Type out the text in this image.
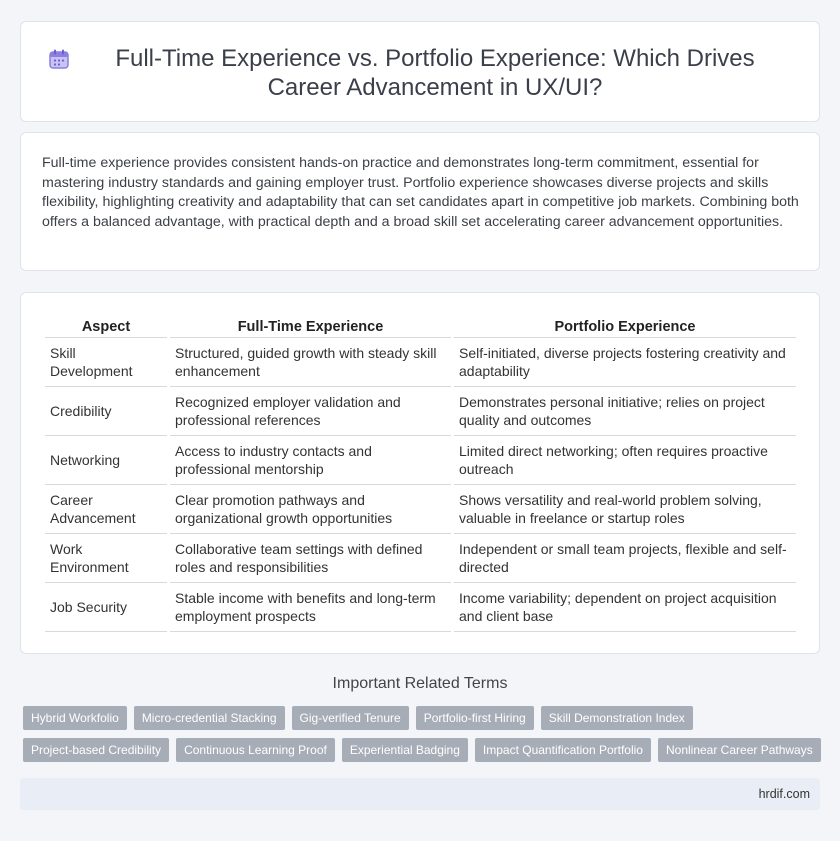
Full-Time Experience vs. Portfolio Experience: Which Drives Career Advancement in UX/UI?

Full-time experience provides consistent hands-on practice and demonstrates long-term commitment, essential for mastering industry standards and gaining employer trust. Portfolio experience showcases diverse projects and skills flexibility, highlighting creativity and adaptability that can set candidates apart in competitive job markets. Combining both offers a balanced advantage, with practical depth and a broad skill set accelerating career advancement opportunities.

Aspect	Full-Time Experience	Portfolio Experience
Skill Development	Structured, guided growth with steady skill enhancement	Self-initiated, diverse projects fostering creativity and adaptability
Credibility	Recognized employer validation and professional references	Demonstrates personal initiative; relies on project quality and outcomes
Networking	Access to industry contacts and professional mentorship	Limited direct networking; often requires proactive outreach
Career Advancement	Clear promotion pathways and organizational growth opportunities	Shows versatility and real-world problem solving, valuable in freelance or startup roles
Work Environment	Collaborative team settings with defined roles and responsibilities	Independent or small team projects, flexible and self-directed
Job Security	Stable income with benefits and long-term employment prospects	Income variability; dependent on project acquisition and client base
Important Related Terms
Hybrid Workfolio	Micro-credential Stacking	Gig-verified Tenure	Portfolio-first Hiring	Skill Demonstration Index
Project-based Credibility	Continuous Learning Proof	Experiential Badging	Impact Quantification Portfolio	Nonlinear Career Pathways
hrdif.com
